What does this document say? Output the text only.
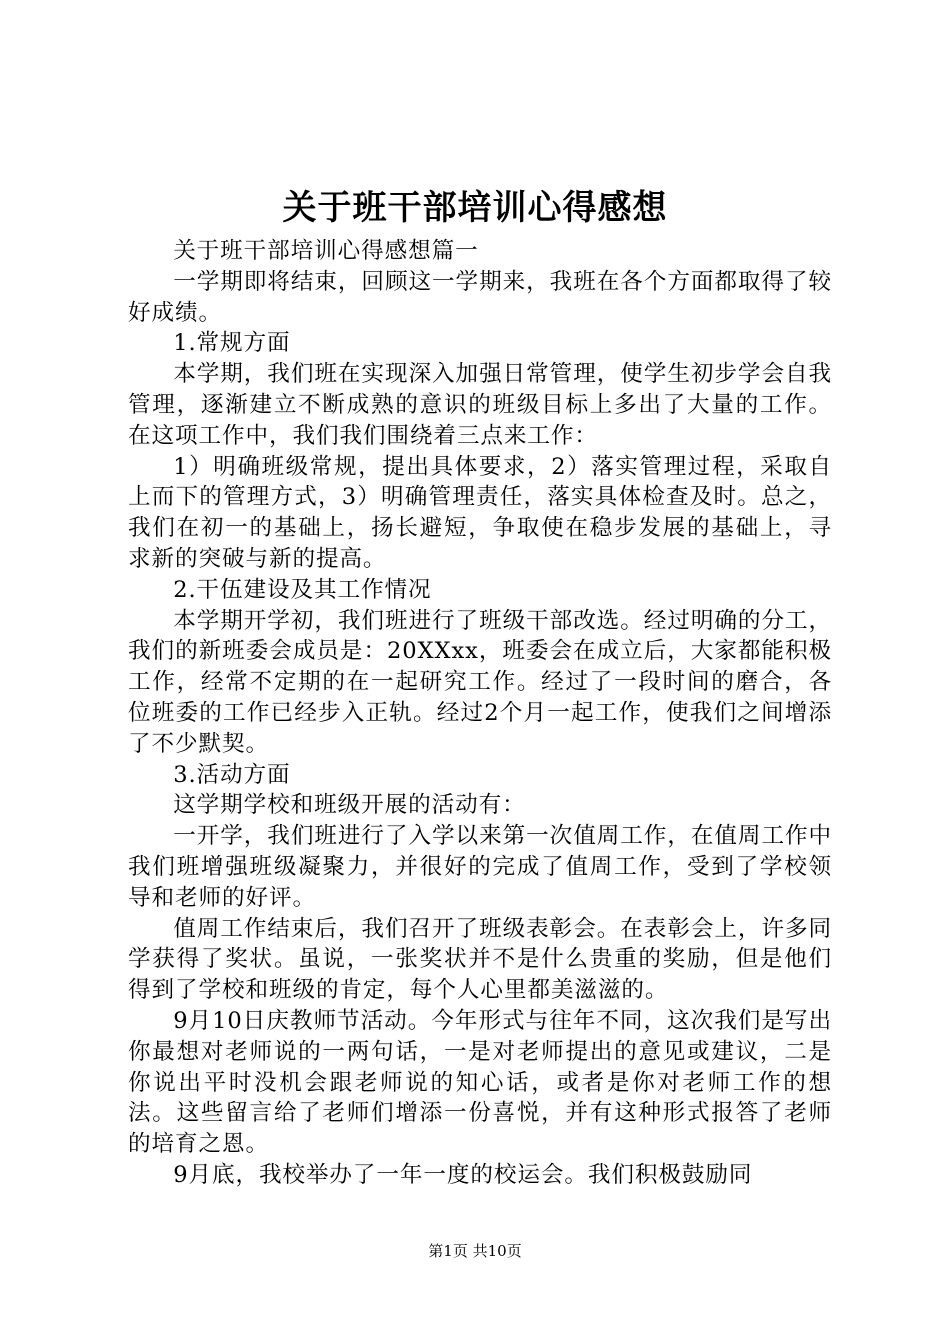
关于班干部培训心得感想

关于班干部培训心得感想篇一

一学期即将结束，回顾这一学期来，我班在各个方面都取得了较好成绩。

1.常规方面

本学期，我们班在实现深入加强日常管理，使学生初步学会自我管理，逐渐建立不断成熟的意识的班级目标上多出了大量的工作。在这项工作中，我们我们围绕着三点来工作：

1）明确班级常规，提出具体要求，2）落实管理过程，采取自上而下的管理方式，3）明确管理责任，落实具体检查及时。总之，我们在初一的基础上，扬长避短，争取使在稳步发展的基础上，寻求新的突破与新的提高。

2.干伍建设及其工作情况

本学期开学初，我们班进行了班级干部改选。经过明确的分工，我们的新班委会成员是：20XXxx，班委会在成立后，大家都能积极工作，经常不定期的在一起研究工作。经过了一段时间的磨合，各位班委的工作已经步入正轨。经过2个月一起工作，使我们之间增添了不少默契。

3.活动方面

这学期学校和班级开展的活动有：

一开学，我们班进行了入学以来第一次值周工作，在值周工作中我们班增强班级凝聚力，并很好的完成了值周工作，受到了学校领导和老师的好评。

值周工作结束后，我们召开了班级表彰会。在表彰会上，许多同学获得了奖状。虽说，一张奖状并不是什么贵重的奖励，但是他们得到了学校和班级的肯定，每个人心里都美滋滋的。

9月10日庆教师节活动。今年形式与往年不同，这次我们是写出你最想对老师说的一两句话，一是对老师提出的意见或建议，二是你说出平时没机会跟老师说的知心话，或者是你对老师工作的想法。这些留言给了老师们增添一份喜悦，并有这种形式报答了老师的培育之恩。

9月底，我校举办了一年一度的校运会。我们积极鼓励同

第1页 共10页
